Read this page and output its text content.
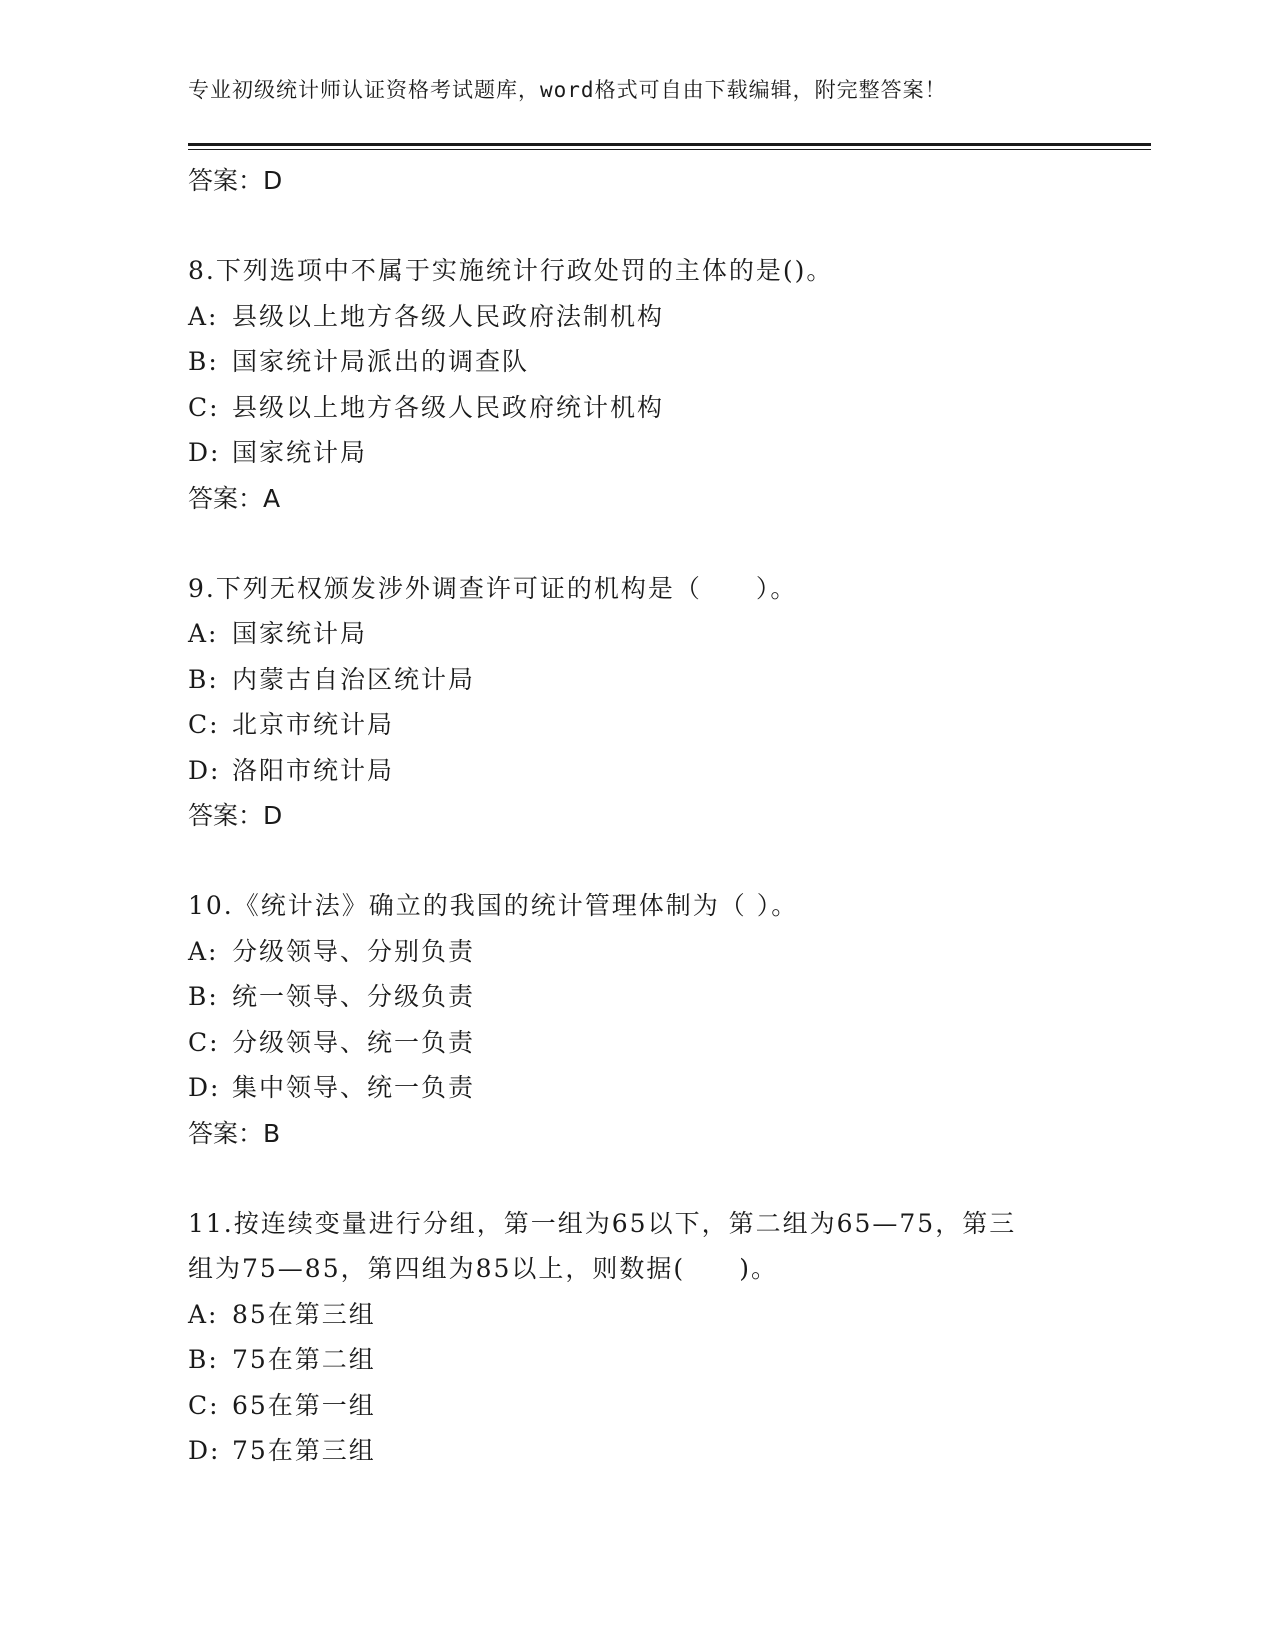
专业初级统计师认证资格考试题库，word格式可自由下载编辑，附完整答案！
答案：D
8.下列选项中不属于实施统计行政处罚的主体的是()。
A: 县级以上地方各级人民政府法制机构
B: 国家统计局派出的调查队
C: 县级以上地方各级人民政府统计机构
D: 国家统计局
答案：A
9.下列无权颁发涉外调查许可证的机构是（　　）。
A: 国家统计局
B: 内蒙古自治区统计局
C: 北京市统计局
D: 洛阳市统计局
答案：D
10.《统计法》确立的我国的统计管理体制为（ ）。
A: 分级领导、分别负责
B: 统一领导、分级负责
C: 分级领导、统一负责
D: 集中领导、统一负责
答案：B
11.按连续变量进行分组，第一组为65以下，第二组为65—75，第三
组为75—85，第四组为85以上，则数据(　　)。
A: 85在第三组
B: 75在第二组
C: 65在第一组
D: 75在第三组
